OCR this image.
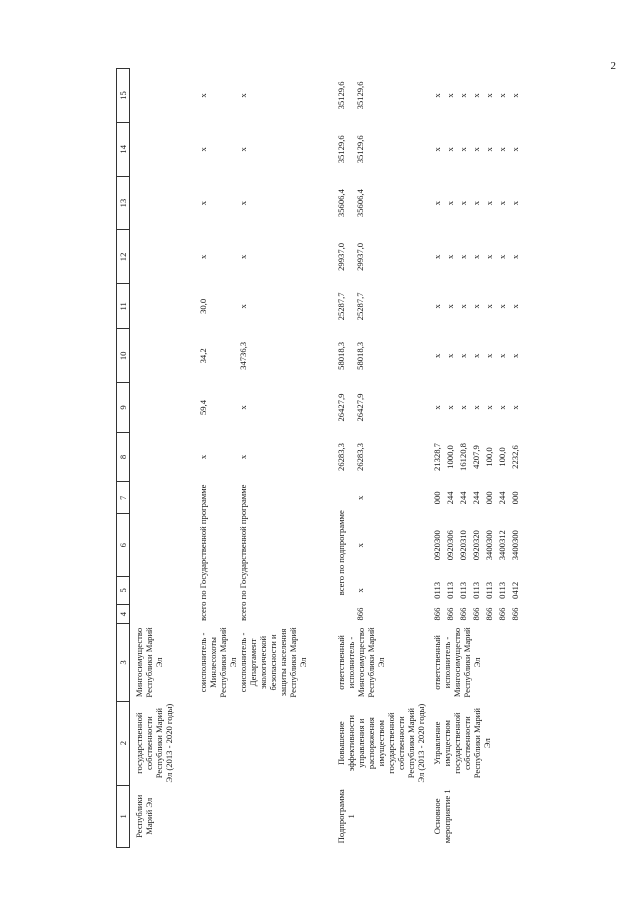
2
1	2	3	4	5	6	7	8	9	10	11	12	13	14	15
Республики Марий Эл	государственной собственности Республики Марий Эл (2013 - 2020 годы)	Мингосимущество Республики Марий Эл												
		соисполнитель - Минлесохоты Республики Марий Эл	всего по Государственной программе				x	59,4	34,2	30,0	x	x	x	x
		соисполнитель - Департамент экологической безопасности и защиты населения Республики Марий Эл	всего по Государственной программе				x	x	34736,3	x	x	x	x	x
Подпрограмма 1	Повышение эффективности управления и распоряжения имуществом государственной собственности Республики Марий Эл (2013 - 2020 годы)	ответственный исполнитель - Мингосимущество Республики Марий Эл	всего по подпрограмме				26283,3	26427,9	58018,3	25287,7	29937,0	35606,4	35129,6	35129,6
			866	x	x	x	26283,3	26427,9	58018,3	25287,7	29937,0	35606,4	35129,6	35129,6
Основное мероприятие 1	Управление имуществом государственной собственности Республики Марий Эл	ответственный исполнитель - Мингосимущество Республики Марий Эл	866	0113	0920300	000	21328,7	x	x	x	x	x	x	x
			866	0113	0920306	244	1000,0	x	x	x	x	x	x	x
			866	0113	0920310	244	16120,8	x	x	x	x	x	x	x
			866	0113	0920320	244	4207,9	x	x	x	x	x	x	x
			866	0113	3400300	000	100,0	x	x	x	x	x	x	x
			866	0113	3400312	244	100,0	x	x	x	x	x	x	x
			866	0412	3400300	000	2232,6	x	x	x	x	x	x	x
